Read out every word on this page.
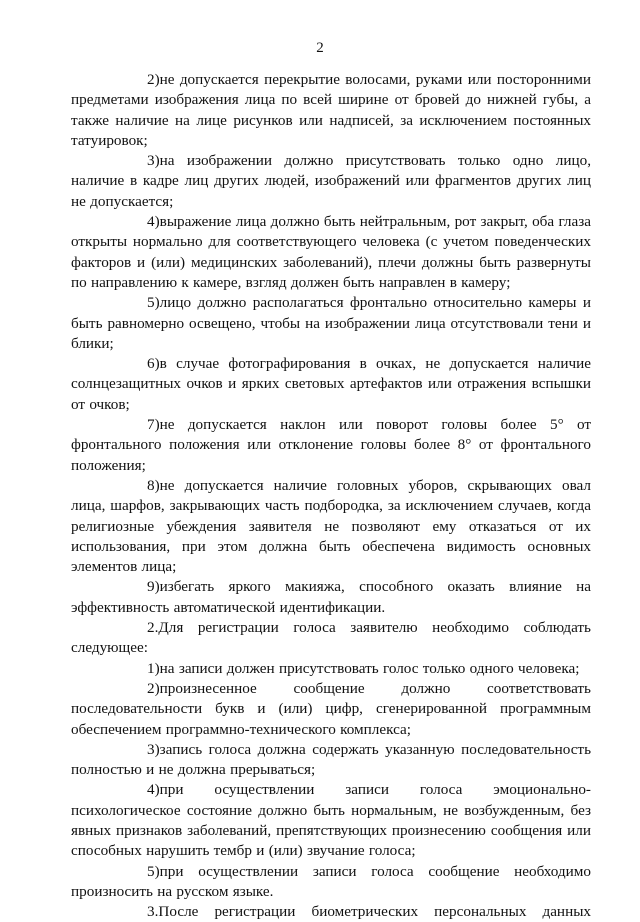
2

2)не допускается перекрытие волосами, руками или посторонними предметами изображения лица по всей ширине от бровей до нижней губы, а также наличие на лице рисунков или надписей, за исключением постоянных татуировок;

3)на изображении должно присутствовать только одно лицо, наличие в кадре лиц других людей, изображений или фрагментов других лиц не допускается;

4)выражение лица должно быть нейтральным, рот закрыт, оба глаза открыты нормально для соответствующего человека (с учетом поведенческих факторов и (или) медицинских заболеваний), плечи должны быть развернуты по направлению к камере, взгляд должен быть направлен в камеру;

5)лицо должно располагаться фронтально относительно камеры и быть равномерно освещено, чтобы на изображении лица отсутствовали тени и блики;

6)в случае фотографирования в очках, не допускается наличие солнцезащитных очков и ярких световых артефактов или отражения вспышки от очков;

7)не допускается наклон или поворот головы более 5° от фронтального положения или отклонение головы более 8° от фронтального положения;

8)не допускается наличие головных уборов, скрывающих овал лица, шарфов, закрывающих часть подбородка, за исключением случаев, когда религиозные убеждения заявителя не позволяют ему отказаться от их использования, при этом должна быть обеспечена видимость основных элементов лица;

9)избегать яркого макияжа, способного оказать влияние на эффективность автоматической идентификации.

2.Для регистрации голоса заявителю необходимо соблюдать следующее:

1)на записи должен присутствовать голос только одного человека;

2)произнесенное сообщение должно соответствовать последовательности букв и (или) цифр, сгенерированной программным обеспечением программно-технического комплекса;

3)запись голоса должна содержать указанную последовательность полностью и не должна прерываться;

4)при осуществлении записи голоса эмоционально-психологическое состояние должно быть нормальным, не возбужденным, без явных признаков заболеваний, препятствующих произнесению сообщения или способных нарушить тембр и (или) звучание голоса;

5)при осуществлении записи голоса сообщение необходимо произносить на русском языке.

3.После регистрации биометрических персональных данных
